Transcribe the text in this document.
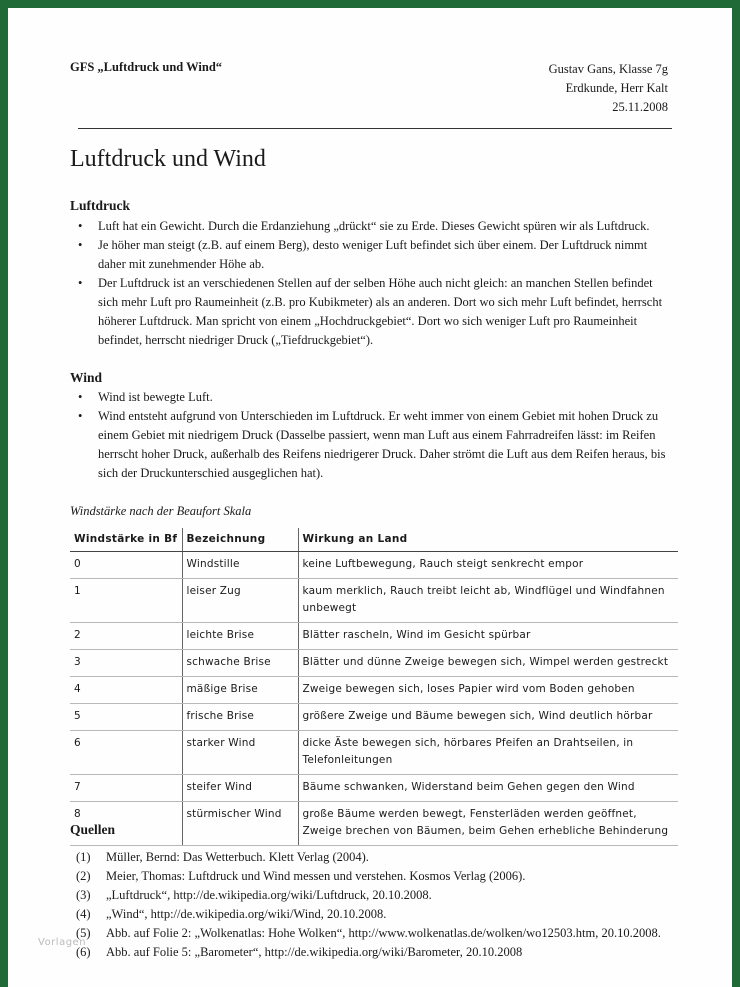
GFS „Luftdruck und Wind“	Gustav Gans, Klasse 7g
Erdkunde, Herr Kalt
25.11.2008
Luftdruck und Wind
Luftdruck
• Luft hat ein Gewicht. Durch die Erdanziehung „drückt“ sie zu Erde. Dieses Gewicht spüren wir als Luftdruck.
• Je höher man steigt (z.B. auf einem Berg), desto weniger Luft befindet sich über einem. Der Luftdruck nimmt daher mit zunehmender Höhe ab.
• Der Luftdruck ist an verschiedenen Stellen auf der selben Höhe auch nicht gleich: an manchen Stellen befindet sich mehr Luft pro Raumeinheit (z.B. pro Kubikmeter) als an anderen. Dort wo sich mehr Luft befindet, herrscht höherer Luftdruck. Man spricht von einem „Hochdruckgebiet“. Dort wo sich weniger Luft pro Raumeinheit befindet, herrscht niedriger Druck („Tiefdruckgebiet“).
Wind
• Wind ist bewegte Luft.
• Wind entsteht aufgrund von Unterschieden im Luftdruck. Er weht immer von einem Gebiet mit hohen Druck zu einem Gebiet mit niedrigem Druck (Dasselbe passiert, wenn man Luft aus einem Fahrradreifen lässt: im Reifen herrscht hoher Druck, außerhalb des Reifens niedrigerer Druck. Daher strömt die Luft aus dem Reifen heraus, bis sich der Druckunterschied ausgeglichen hat).
Windstärke nach der Beaufort Skala
Windstärke in Bf	Bezeichnung	Wirkung an Land
0	Windstille	keine Luftbewegung, Rauch steigt senkrecht empor
1	leiser Zug	kaum merklich, Rauch treibt leicht ab, Windflügel und Windfahnen unbewegt
2	leichte Brise	Blätter rascheln, Wind im Gesicht spürbar
3	schwache Brise	Blätter und dünne Zweige bewegen sich, Wimpel werden gestreckt
4	mäßige Brise	Zweige bewegen sich, loses Papier wird vom Boden gehoben
5	frische Brise	größere Zweige und Bäume bewegen sich, Wind deutlich hörbar
6	starker Wind	dicke Äste bewegen sich, hörbares Pfeifen an Drahtseilen, in Telefonleitungen
7	steifer Wind	Bäume schwanken, Widerstand beim Gehen gegen den Wind
8	stürmischer Wind	große Bäume werden bewegt, Fensterläden werden geöffnet, Zweige brechen von Bäumen, beim Gehen erhebliche Behinderung
Quellen
(1) Müller, Bernd: Das Wetterbuch. Klett Verlag (2004).
(2) Meier, Thomas: Luftdruck und Wind messen und verstehen. Kosmos Verlag (2006).
(3) „Luftdruck“, http://de.wikipedia.org/wiki/Luftdruck, 20.10.2008.
(4) „Wind“, http://de.wikipedia.org/wiki/Wind, 20.10.2008.
(5) Abb. auf Folie 2: „Wolkenatlas: Hohe Wolken“, http://www.wolkenatlas.de/wolken/wo12503.htm, 20.10.2008.
(6) Abb. auf Folie 5: „Barometer“, http://de.wikipedia.org/wiki/Barometer, 20.10.2008
Vorlagen
